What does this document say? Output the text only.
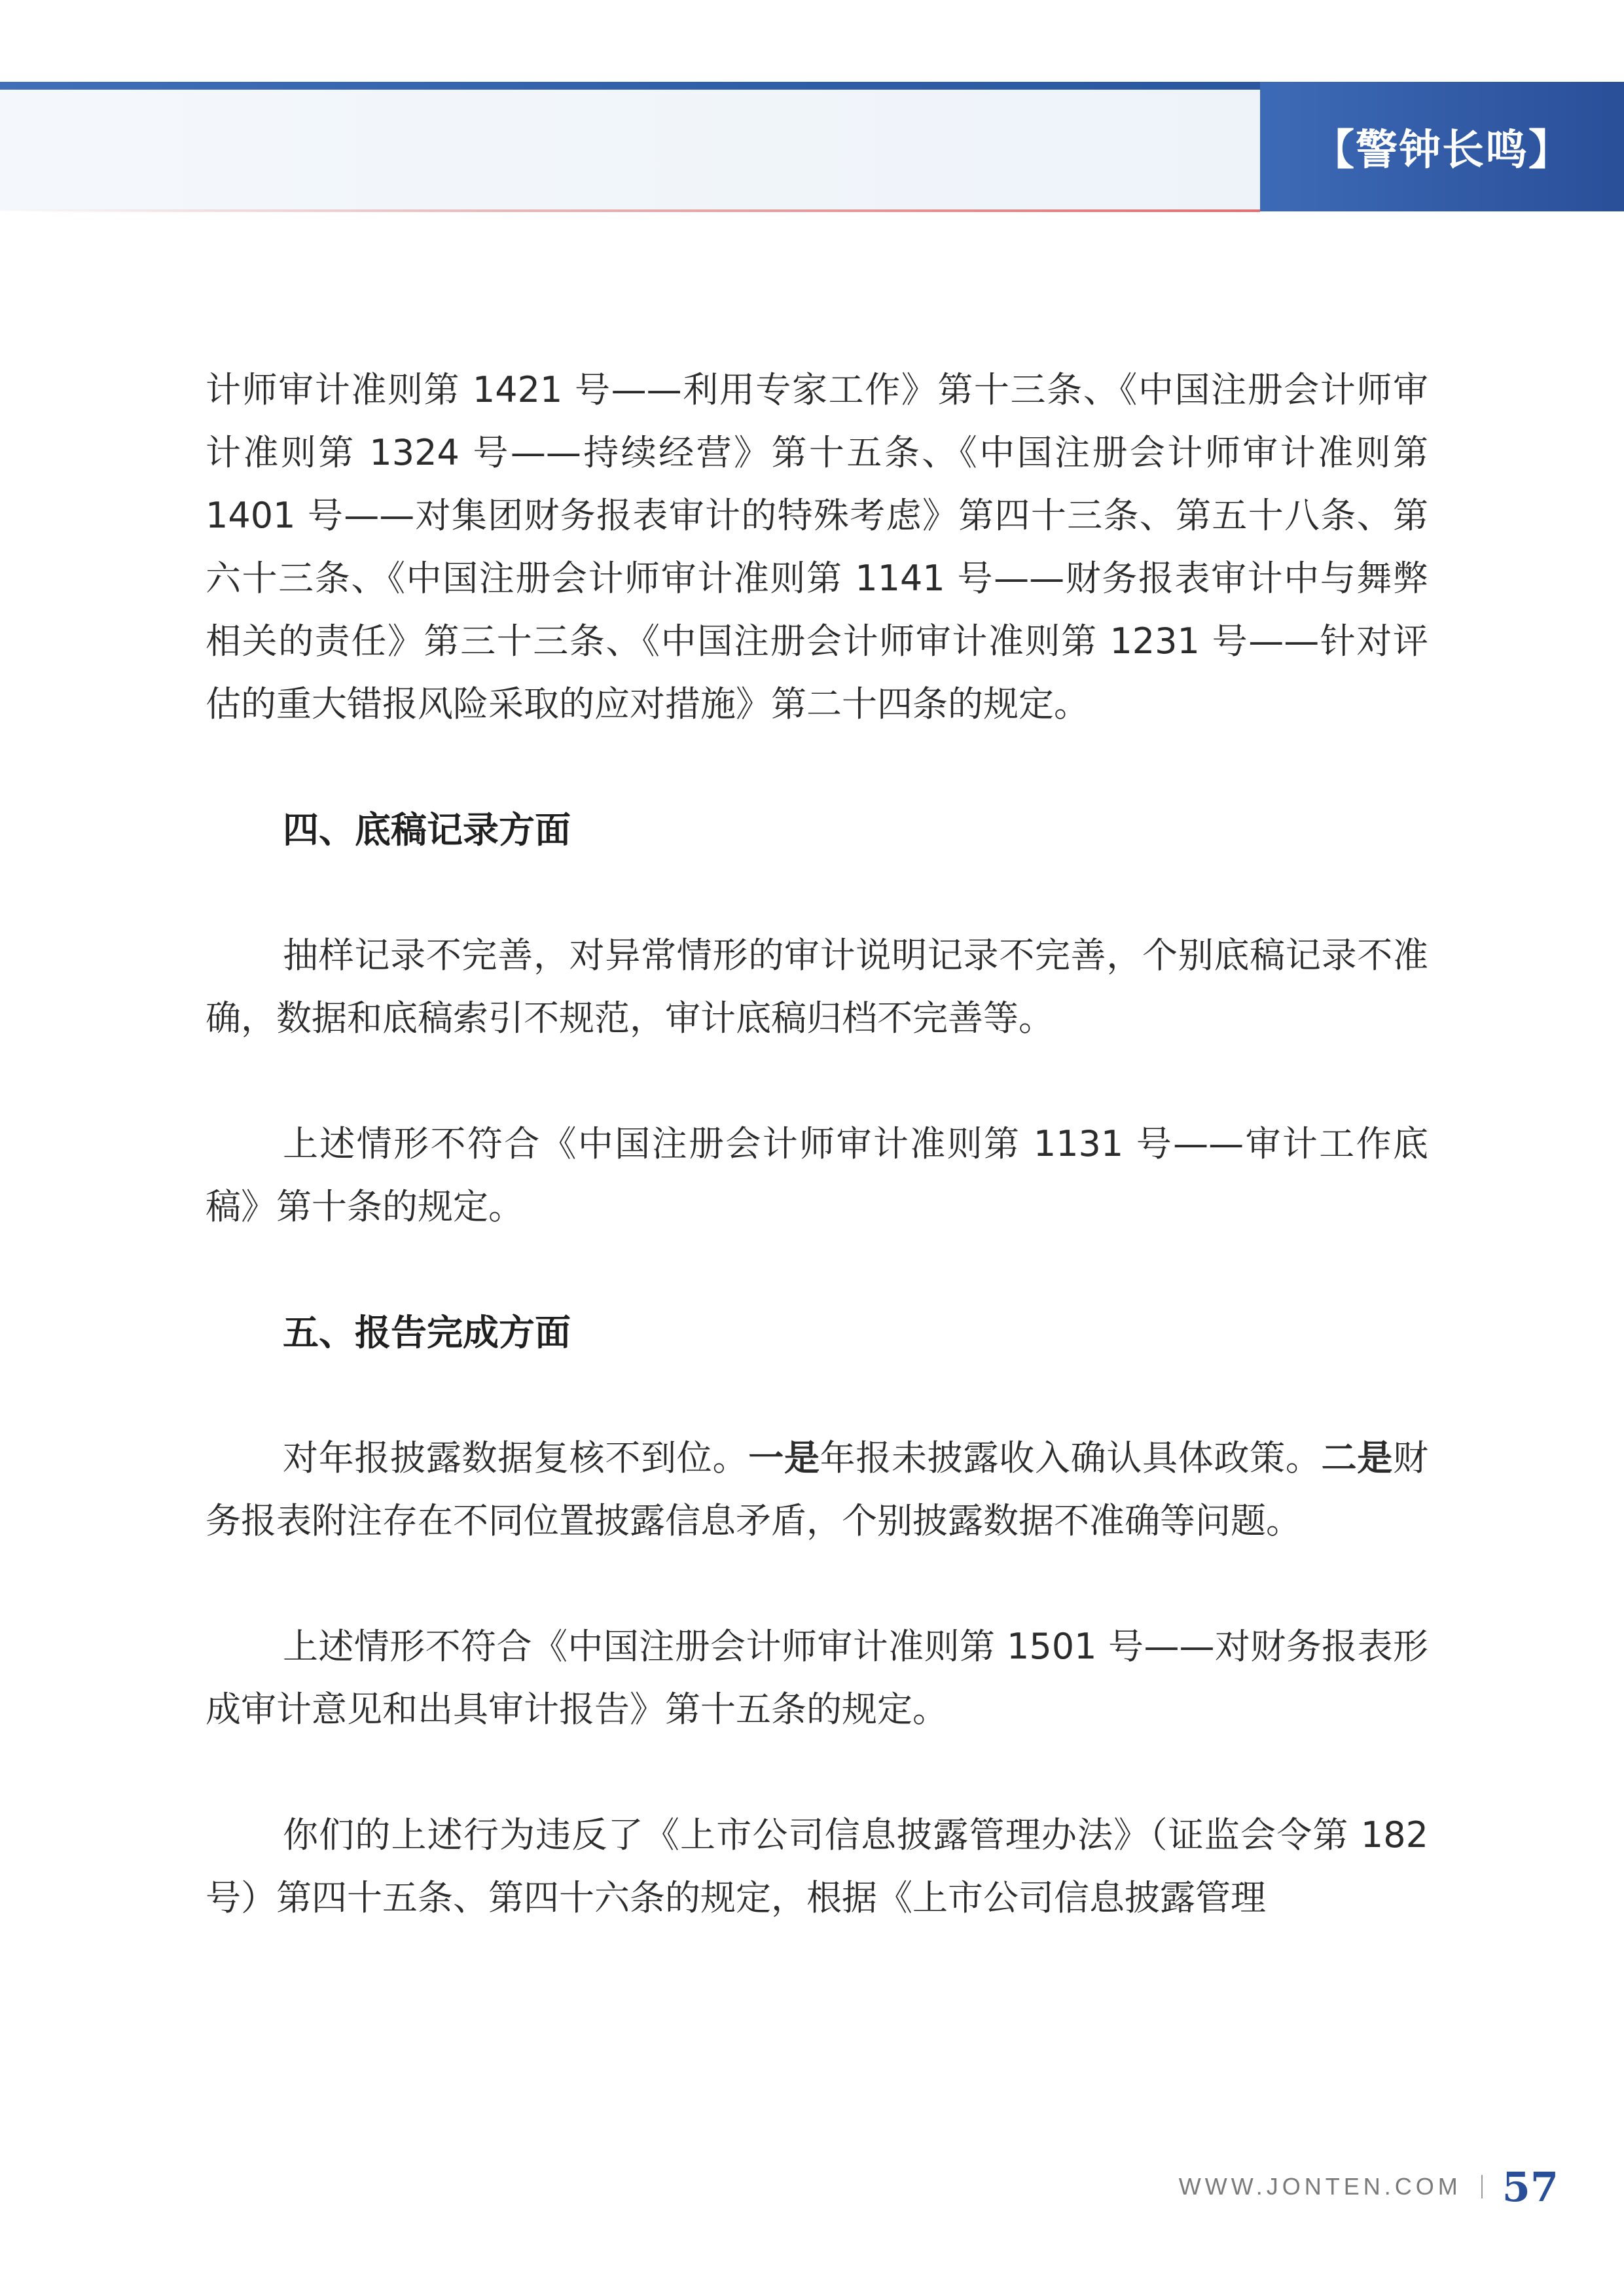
【警钟长鸣】

计师审计准则第 1421 号——利用专家工作》第十三条、《中国注册会计师审计准则第 1324 号——持续经营》第十五条、《中国注册会计师审计准则第 1401 号——对集团财务报表审计的特殊考虑》第四十三条、第五十八条、第六十三条、《中国注册会计师审计准则第 1141 号——财务报表审计中与舞弊相关的责任》第三十三条、《中国注册会计师审计准则第 1231 号——针对评估的重大错报风险采取的应对措施》第二十四条的规定。

四、底稿记录方面

抽样记录不完善，对异常情形的审计说明记录不完善，个别底稿记录不准确，数据和底稿索引不规范，审计底稿归档不完善等。

上述情形不符合《中国注册会计师审计准则第 1131 号——审计工作底稿》第十条的规定。

五、报告完成方面

对年报披露数据复核不到位。一是年报未披露收入确认具体政策。二是财务报表附注存在不同位置披露信息矛盾，个别披露数据不准确等问题。

上述情形不符合《中国注册会计师审计准则第 1501 号——对财务报表形成审计意见和出具审计报告》第十五条的规定。

你们的上述行为违反了《上市公司信息披露管理办法》（证监会令第 182 号）第四十五条、第四十六条的规定，根据《上市公司信息披露管理

WWW.JONTEN.COM 57
